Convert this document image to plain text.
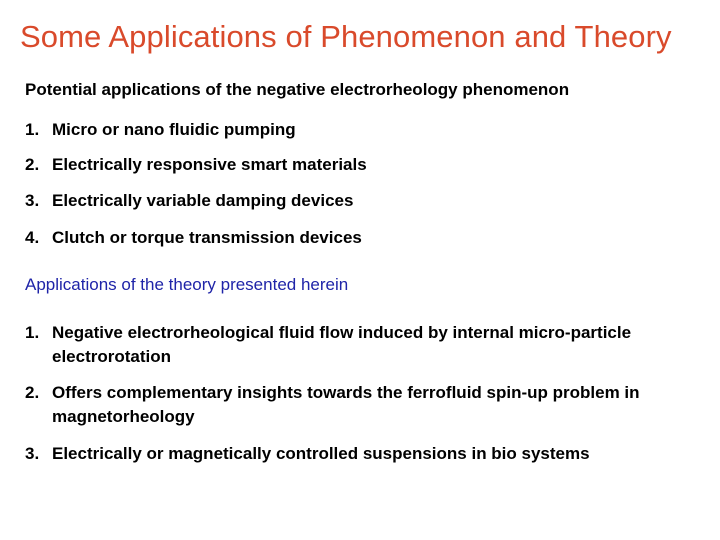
Some Applications of Phenomenon and Theory
Potential applications of the negative electrorheology phenomenon
1. Micro or nano fluidic pumping
2. Electrically responsive smart materials
3. Electrically variable damping devices
4. Clutch or torque transmission devices
Applications of the theory presented herein
1. Negative electrorheological fluid flow induced by internal micro-particle electrorotation
2. Offers complementary insights towards the ferrofluid spin-up problem in magnetorheology
3. Electrically or magnetically controlled suspensions in bio systems
